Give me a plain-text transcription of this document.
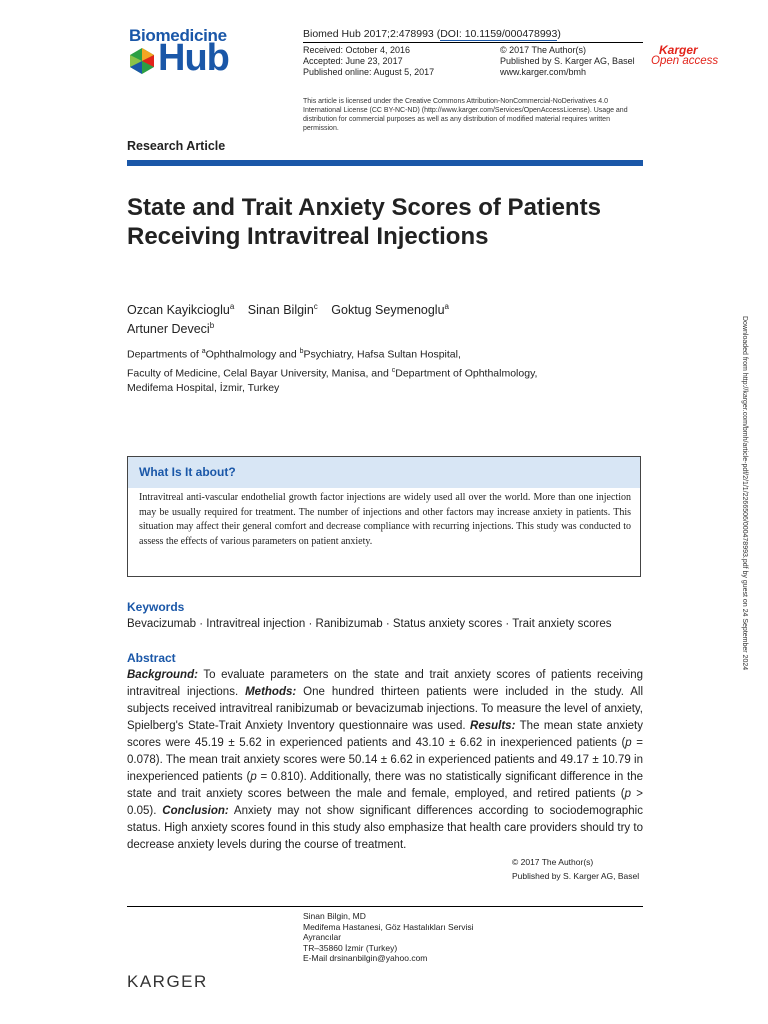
Biomedicine
Hub
Biomed Hub 2017;2:478993 (DOI: 10.1159/000478993)
Received: October 4, 2016
Accepted: June 23, 2017
Published online: August 5, 2017
© 2017 The Author(s)
Published by S. Karger AG, Basel
www.karger.com/bmh
Karger
Open access
This article is licensed under the Creative Commons Attribution-NonCommercial-NoDerivatives 4.0 International License (CC BY-NC-ND) (http://www.karger.com/Services/OpenAccessLicense). Usage and distribution for commercial purposes as well as any distribution of modified material requires written permission.
Research Article
State and Trait Anxiety Scores of Patients Receiving Intravitreal Injections
Ozcan Kayikcioglu$^a$ Sinan Bilgin$^c$ Goktug Seymenoglu$^a$
Artuner Deveci$^b$
Departments of $^a$Ophthalmology and $^b$Psychiatry, Hafsa Sultan Hospital,
Faculty of Medicine, Celal Bayar University, Manisa, and $^c$Department of Ophthalmology,
Medifema Hospital, İzmir, Turkey
What Is It about?
Intravitreal anti-vascular endothelial growth factor injections are widely used all over the world. More than one injection may be usually required for treatment. The number of injections and other factors may increase anxiety in patients. This situation may affect their general comfort and decrease compliance with recurring injections. This study was conducted to assess the effects of various parameters on patient anxiety.
Keywords
Bevacizumab · Intravitreal injection · Ranibizumab · Status anxiety scores · Trait anxiety scores
Abstract
Background: To evaluate parameters on the state and trait anxiety scores of patients receiving intravitreal injections. Methods: One hundred thirteen patients were included in the study. All subjects received intravitreal ranibizumab or bevacizumab injections. To measure the level of anxiety, Spielberg's State-Trait Anxiety Inventory questionnaire was used. Results: The mean state anxiety scores were 45.19 ± 5.62 in experienced patients and 43.10 ± 6.62 in inexperienced patients (p = 0.078). The mean trait anxiety scores were 50.14 ± 6.62 in experienced patients and 49.17 ± 10.79 in inexperienced patients (p = 0.810). Additionally, there was no statistically significant difference in the state and trait anxiety scores between the male and female, employed, and retired patients (p > 0.05). Conclusion: Anxiety may not show significant differences according to sociodemographic status. High anxiety scores found in this study also emphasize that health care providers should try to decrease anxiety levels during the course of treatment.
© 2017 The Author(s)
Published by S. Karger AG, Basel
Sinan Bilgin, MD
Medifema Hastanesi, Göz Hastalıkları Servisi
Ayrancılar
TR–35860 İzmir (Turkey)
E-Mail drsinanbilgin@yahoo.com
KARGER
Downloaded from http://karger.com/bmh/article-pdf/2/1/1/2266506/000478993.pdf by guest on 24 September 2024
